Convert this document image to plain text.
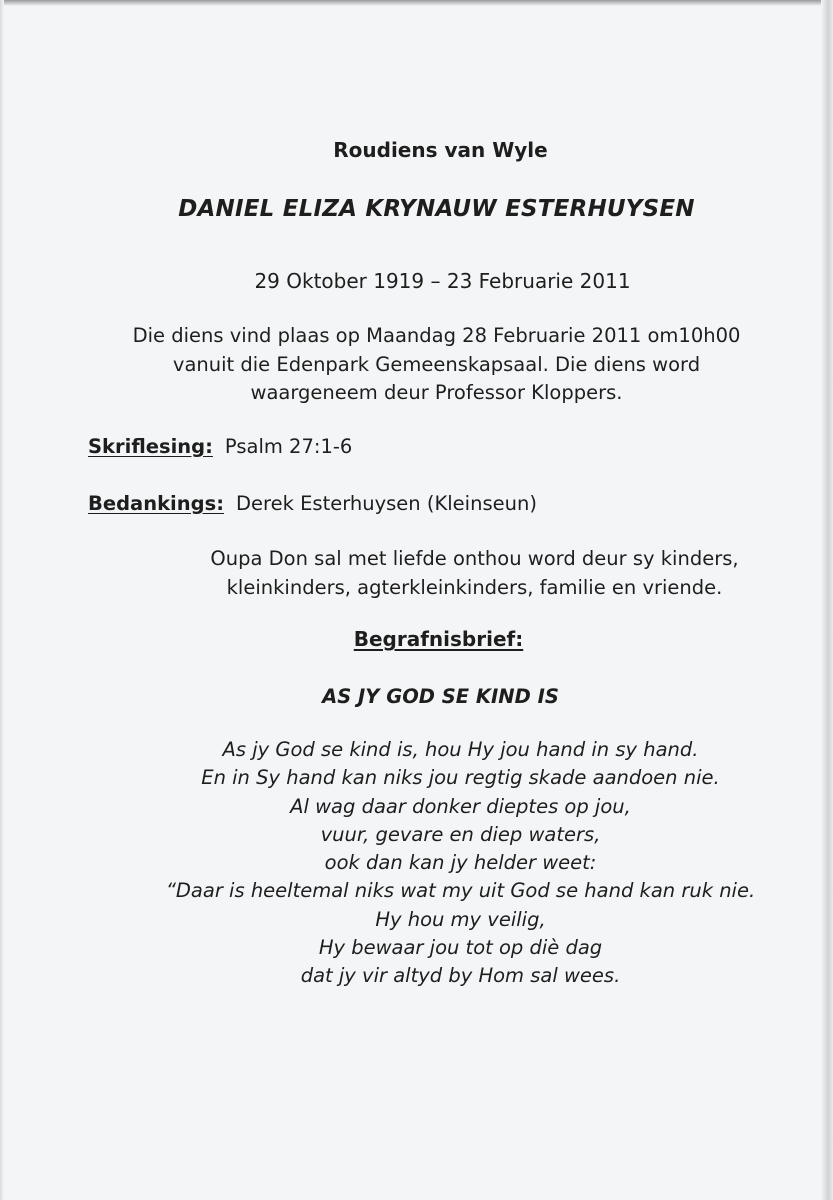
Roudiens van Wyle
DANIEL ELIZA KRYNAUW ESTERHUYSEN
29 Oktober 1919 – 23 Februarie 2011
Die diens vind plaas op Maandag 28 Februarie 2011 om10h00
vanuit die Edenpark Gemeenskapsaal. Die diens word
waargeneem deur Professor Kloppers.
Skriflesing: Psalm 27:1-6
Bedankings: Derek Esterhuysen (Kleinseun)
Oupa Don sal met liefde onthou word deur sy kinders,
kleinkinders, agterkleinkinders, familie en vriende.
Begrafnisbrief:
AS JY GOD SE KIND IS
As jy God se kind is, hou Hy jou hand in sy hand.
En in Sy hand kan niks jou regtig skade aandoen nie.
Al wag daar donker dieptes op jou,
vuur, gevare en diep waters,
ook dan kan jy helder weet:
“Daar is heeltemal niks wat my uit God se hand kan ruk nie.
Hy hou my veilig,
Hy bewaar jou tot op diè dag
dat jy vir altyd by Hom sal wees.
